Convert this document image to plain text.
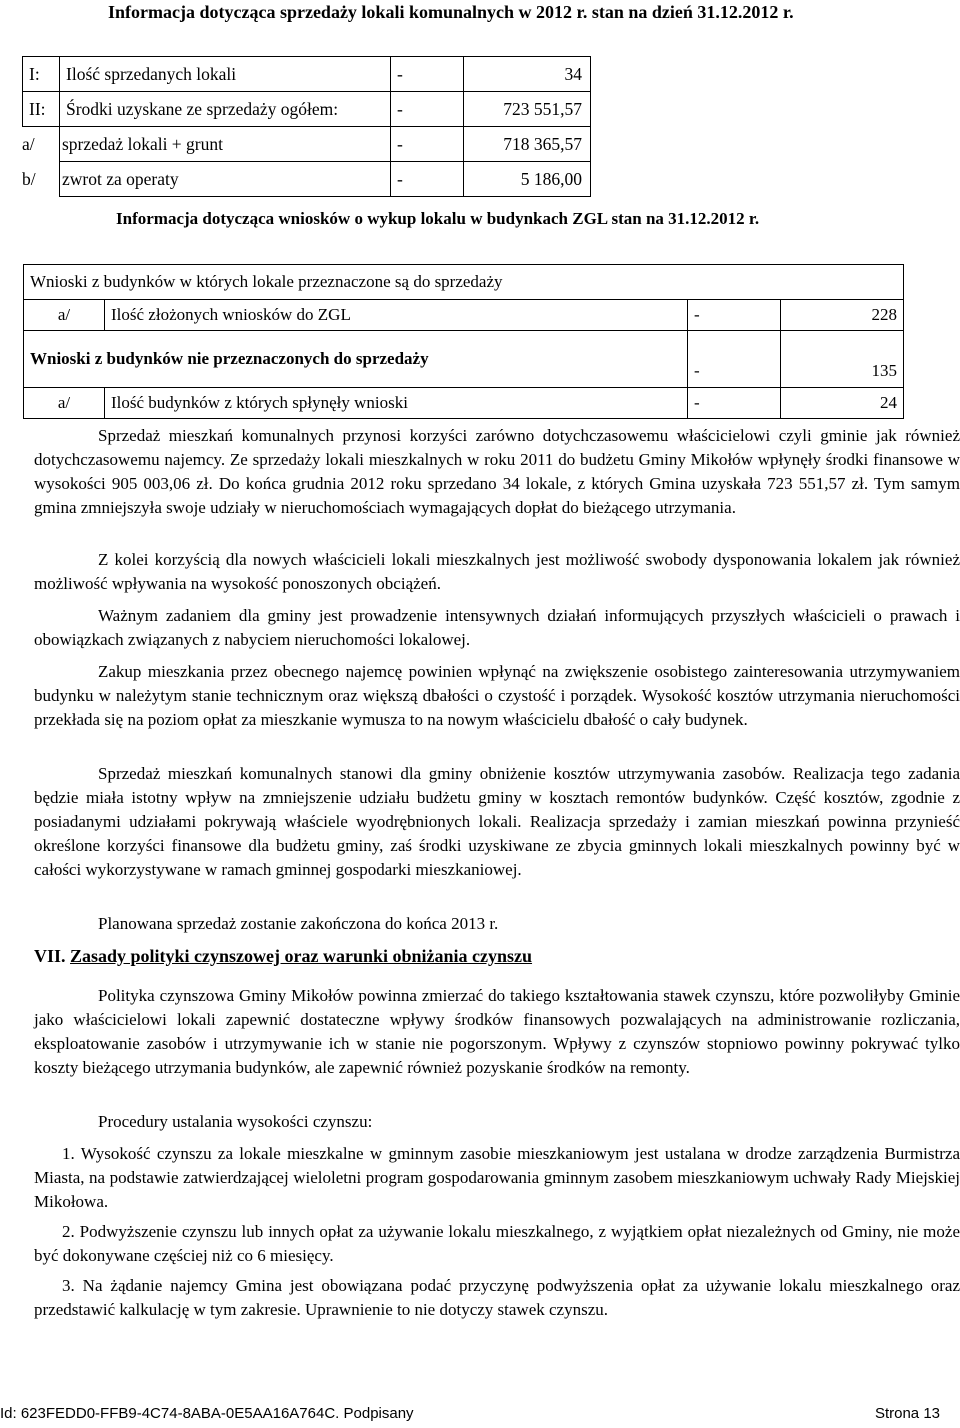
Informacja dotycząca sprzedaży lokali komunalnych w 2012 r. stan na dzień 31.12.2012 r.
I:	Ilość sprzedanych lokali	-	34
II:	Środki uzyskane ze sprzedaży ogółem:	-	723 551,57
	a/ sprzedaż lokali + grunt	-	718 365,57
	b/ zwrot za operaty	-	5 186,00
Informacja dotycząca wniosków o wykup lokalu w budynkach ZGL stan na 31.12.2012 r.
Wnioski z budynków w których lokale przeznaczone są do sprzedaży			
a/	Ilość złożonych wniosków do ZGL	-	228
Wnioski z budynków nie przeznaczonych do sprzedaży		-	135
a/	Ilość budynków z których spłynęły wnioski	-	24

Sprzedaż mieszkań komunalnych przynosi korzyści zarówno dotychczasowemu właścicielowi czyli gminie jak również dotychczasowemu najemcy. Ze sprzedaży lokali mieszkalnych w roku 2011 do budżetu Gminy Mikołów wpłynęły środki finansowe w wysokości 905 003,06 zł. Do końca grudnia 2012 roku sprzedano 34 lokale, z których Gmina uzyskała 723 551,57 zł. Tym samym gmina zmniejszyła swoje udziały w nieruchomościach wymagających dopłat do bieżącego utrzymania.

Z kolei korzyścią dla nowych właścicieli lokali mieszkalnych jest możliwość swobody dysponowania lokalem jak również możliwość wpływania na wysokość ponoszonych obciążeń.

Ważnym zadaniem dla gminy jest prowadzenie intensywnych działań informujących przyszłych właścicieli o prawach i obowiązkach związanych z nabyciem nieruchomości lokalowej.

Zakup mieszkania przez obecnego najemcę powinien wpłynąć na zwiększenie osobistego zainteresowania utrzymywaniem budynku w należytym stanie technicznym oraz większą dbałości o czystość i porządek. Wysokość kosztów utrzymania nieruchomości przekłada się na poziom opłat za mieszkanie wymusza to na nowym właścicielu dbałość o cały budynek.

Sprzedaż mieszkań komunalnych stanowi dla gminy obniżenie kosztów utrzymywania zasobów. Realizacja tego zadania będzie miała istotny wpływ na zmniejszenie udziału budżetu gminy w kosztach remontów budynków. Część kosztów, zgodnie z posiadanymi udziałami pokrywają właściele wyodrębnionych lokali. Realizacja sprzedaży i zamian mieszkań powinna przynieść określone korzyści finansowe dla budżetu gminy, zaś środki uzyskiwane ze zbycia gminnych lokali mieszkalnych powinny być w całości wykorzystywane w ramach gminnej gospodarki mieszkaniowej.

Planowana sprzedaż zostanie zakończona do końca 2013 r.

VII. Zasady polityki czynszowej oraz warunki obniżania czynszu

Polityka czynszowa Gminy Mikołów powinna zmierzać do takiego kształtowania stawek czynszu, które pozwoliłyby Gminie jako właścicielowi lokali zapewnić dostateczne wpływy środków finansowych pozwalających na administrowanie rozliczania, eksploatowanie zasobów i utrzymywanie ich w stanie nie pogorszonym. Wpływy z czynszów stopniowo powinny pokrywać tylko koszty bieżącego utrzymania budynków, ale zapewnić również pozyskanie środków na remonty.

Procedury ustalania wysokości czynszu:

1. Wysokość czynszu za lokale mieszkalne w gminnym zasobie mieszkaniowym jest ustalana w drodze zarządzenia Burmistrza Miasta, na podstawie zatwierdzającej wieloletni program gospodarowania gminnym zasobem mieszkaniowym uchwały Rady Miejskiej Mikołowa.

2. Podwyższenie czynszu lub innych opłat za używanie lokalu mieszkalnego, z wyjątkiem opłat niezależnych od Gminy, nie może być dokonywane częściej niż co 6 miesięcy.

3. Na żądanie najemcy Gmina jest obowiązana podać przyczynę podwyższenia opłat za używanie lokalu mieszkalnego oraz przedstawić kalkulację w tym zakresie. Uprawnienie to nie dotyczy stawek czynszu.

Id: 623FEDD0-FFB9-4C74-8ABA-0E5AA16A764C. Podpisany	Strona 13
